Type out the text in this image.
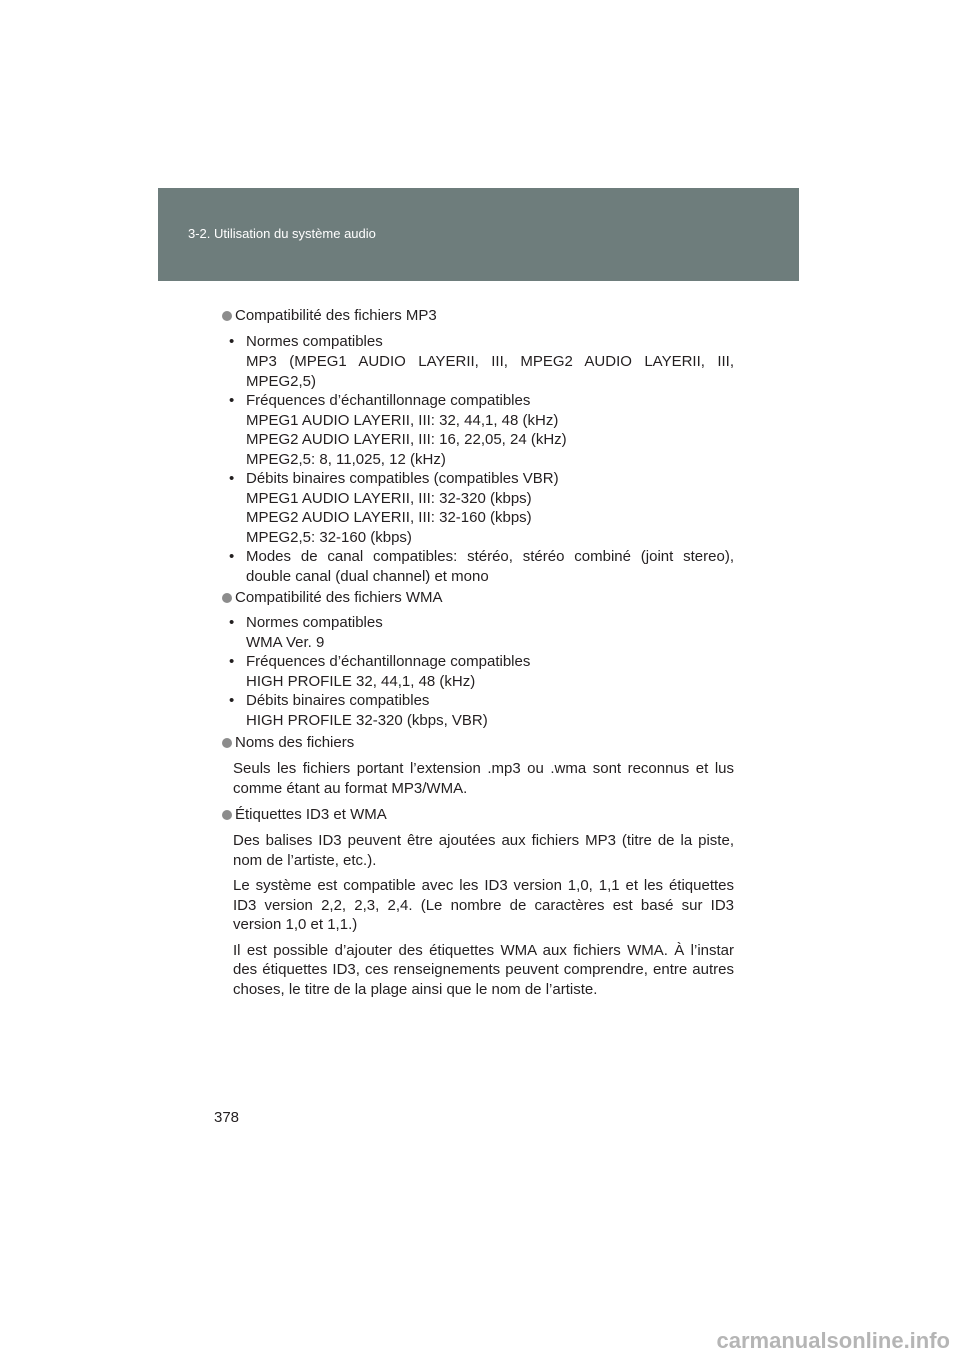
3-2. Utilisation du système audio
Compatibilité des fichiers MP3
• Normes compatibles
MP3 (MPEG1 AUDIO LAYERII, III, MPEG2 AUDIO LAYERII, III,
MPEG2,5)
• Fréquences d’échantillonnage compatibles
MPEG1 AUDIO LAYERII, III: 32, 44,1, 48 (kHz)
MPEG2 AUDIO LAYERII, III: 16, 22,05, 24 (kHz)
MPEG2,5: 8, 11,025, 12 (kHz)
• Débits binaires compatibles (compatibles VBR)
MPEG1 AUDIO LAYERII, III: 32-320 (kbps)
MPEG2 AUDIO LAYERII, III: 32-160 (kbps)
MPEG2,5: 32-160 (kbps)
• Modes de canal compatibles: stéréo, stéréo combiné (joint stereo),
double canal (dual channel) et mono
Compatibilité des fichiers WMA
• Normes compatibles
WMA Ver. 9
• Fréquences d’échantillonnage compatibles
HIGH PROFILE 32, 44,1, 48 (kHz)
• Débits binaires compatibles
HIGH PROFILE 32-320 (kbps, VBR)
Noms des fichiers
Seuls les fichiers portant l’extension .mp3 ou .wma sont reconnus et lus
comme étant au format MP3/WMA.
Étiquettes ID3 et WMA
Des balises ID3 peuvent être ajoutées aux fichiers MP3 (titre de la piste,
nom de l’artiste, etc.).
Le système est compatible avec les ID3 version 1,0, 1,1 et les étiquettes
ID3 version 2,2, 2,3, 2,4. (Le nombre de caractères est basé sur ID3
version 1,0 et 1,1.)
Il est possible d’ajouter des étiquettes WMA aux fichiers WMA. À l’instar
des étiquettes ID3, ces renseignements peuvent comprendre, entre autres
choses, le titre de la plage ainsi que le nom de l’artiste.
378
carmanualsonline.info
